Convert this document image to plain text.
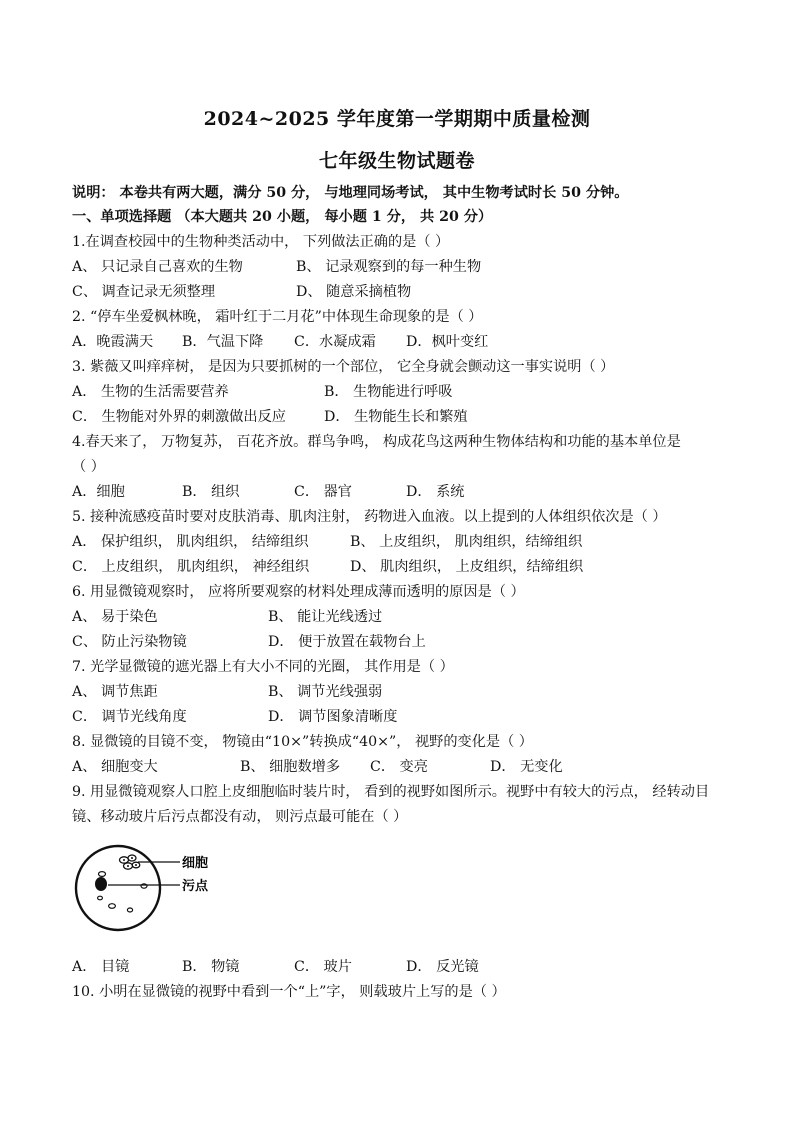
2024~2025 学年度第一学期期中质量检测
七年级生物试题卷
说明： 本卷共有两大题，满分 50 分， 与地理同场考试， 其中生物考试时长 50 分钟。
一、单项选择题 （本大题共 20 小题， 每小题 1 分， 共 20 分）
1.在调查校园中的生物种类活动中， 下列做法正确的是（ ）
A、 只记录自己喜欢的生物	B、 记录观察到的每一种生物
C、 调查记录无须整理	D、 随意采摘植物
2. “停车坐爱枫林晚， 霜叶红于二月花”中体现生命现象的是（ ）
A．晚霞满天 B．气温下降 C．水凝成霜 D．枫叶变红
3. 紫薇又叫痒痒树， 是因为只要抓树的一个部位， 它全身就会颤动这一事实说明（ ）
A． 生物的生活需要营养	B． 生物能进行呼吸
C． 生物能对外界的刺激做出反应	D． 生物能生长和繁殖
4.春天来了， 万物复苏， 百花齐放。群鸟争鸣， 构成花鸟这两种生物体结构和功能的基本单位是
（ ）
A．细胞	B． 组织	C． 器官	D． 系统
5. 接种流感疫苗时要对皮肤消毒、肌肉注射， 药物进入血液。以上提到的人体组织依次是（ ）
A． 保护组织， 肌肉组织， 结缔组织	B、 上皮组织， 肌肉组织，结缔组织
C． 上皮组织， 肌肉组织， 神经组织	D、 肌肉组织， 上皮组织，结缔组织
6. 用显微镜观察时， 应将所要观察的材料处理成薄而透明的原因是（ ）
A、 易于染色	B、 能让光线透过
C、 防止污染物镜	D． 便于放置在载物台上
7. 光学显微镜的遮光器上有大小不同的光圈， 其作用是（ ）
A、 调节焦距	B、 调节光线强弱
C． 调节光线角度	D． 调节图象清晰度
8. 显微镜的目镜不变， 物镜由“10×”转换成“40×”， 视野的变化是（ ）
A、 细胞变大	B、 细胞数增多 C． 变亮	D． 无变化
9. 用显微镜观察人口腔上皮细胞临时装片时， 看到的视野如图所示。视野中有较大的污点， 经转动目
镜、移动玻片后污点都没有动， 则污点最可能在（ ）
细胞
污点
A． 目镜	B． 物镜	C． 玻片	D． 反光镜
10. 小明在显微镜的视野中看到一个“上”字， 则载玻片上写的是（ ）
